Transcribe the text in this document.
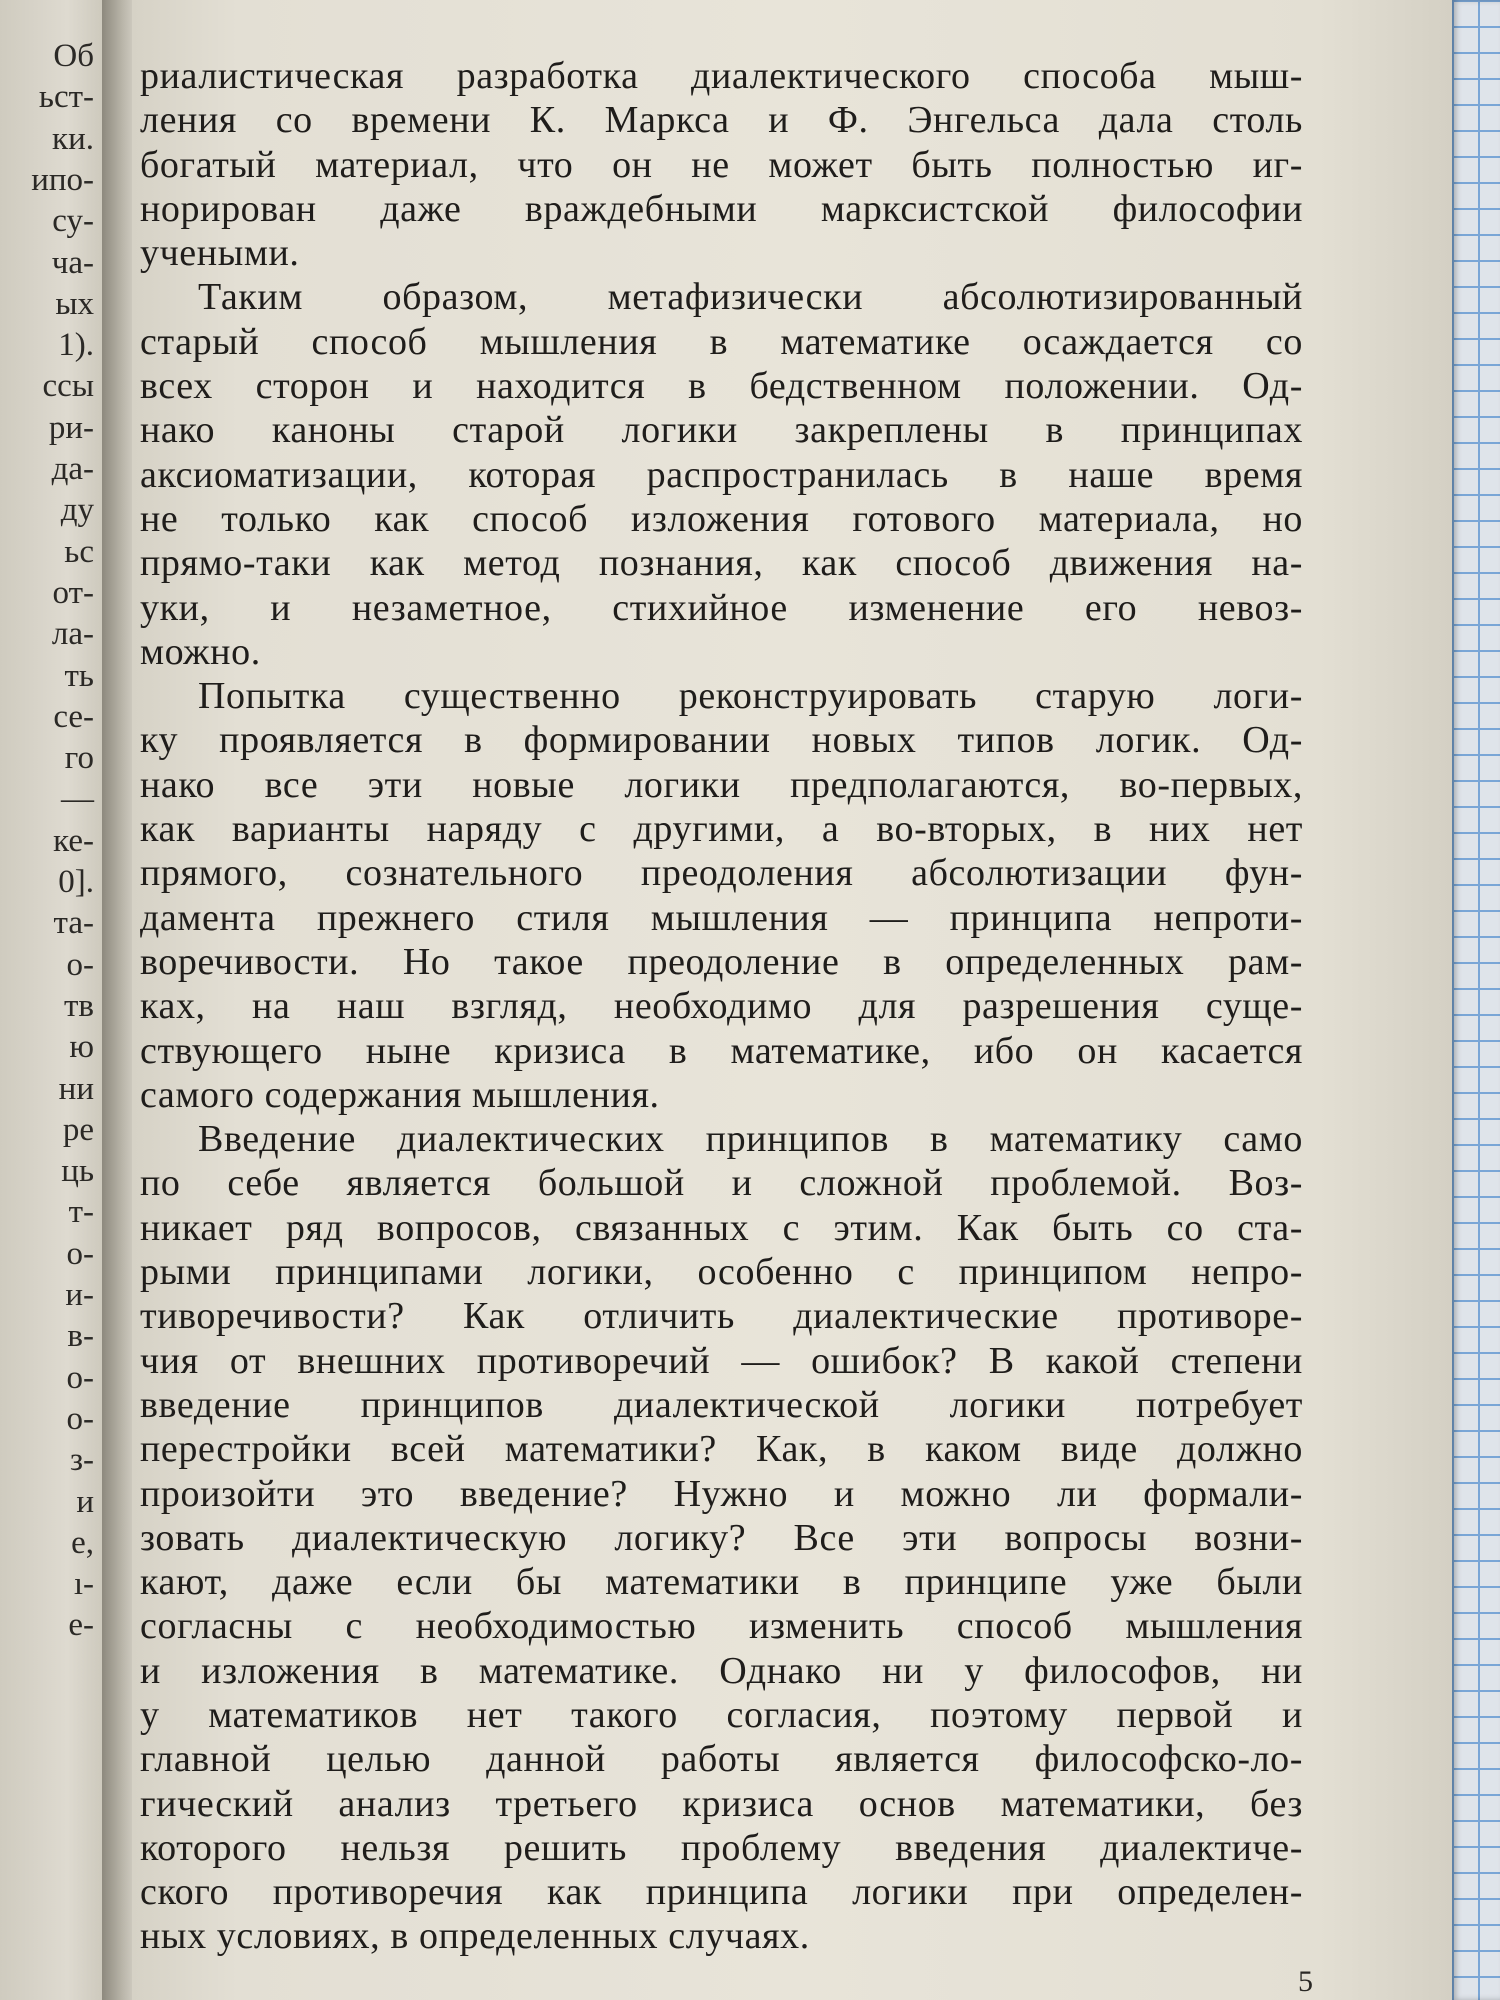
Об
ьст-
ки.
ипо-
су-
ча-
ых
1).
ссы
ри-
да-
ду
ьс
от-
ла-
ть
се-
го
—
ке-
0].
та-
о-
тв
ю
ни
ре
ць
т-
о-
и-
в-
о-
о-
з-
и
е,
ı-
е-
риалистическая разработка диалектического способа мыш-
ления со времени К. Маркса и Ф. Энгельса дала столь
богатый материал, что он не может быть полностью иг-
норирован даже враждебными марксистской философии
учеными.
Таким образом, метафизически абсолютизированный
старый способ мышления в математике осаждается со
всех сторон и находится в бедственном положении. Од-
нако каноны старой логики закреплены в принципах
аксиоматизации, которая распространилась в наше время
не только как способ изложения готового материала, но
прямо-таки как метод познания, как способ движения на-
уки, и незаметное, стихийное изменение его невоз-
можно.
Попытка существенно реконструировать старую логи-
ку проявляется в формировании новых типов логик. Од-
нако все эти новые логики предполагаются, во-первых,
как варианты наряду с другими, а во-вторых, в них нет
прямого, сознательного преодоления абсолютизации фун-
дамента прежнего стиля мышления — принципа непроти-
воречивости. Но такое преодоление в определенных рам-
ках, на наш взгляд, необходимо для разрешения суще-
ствующего ныне кризиса в математике, ибо он касается
самого содержания мышления.
Введение диалектических принципов в математику само
по себе является большой и сложной проблемой. Воз-
никает ряд вопросов, связанных с этим. Как быть со ста-
рыми принципами логики, особенно с принципом непро-
тиворечивости? Как отличить диалектические противоре-
чия от внешних противоречий — ошибок? В какой степени
введение принципов диалектической логики потребует
перестройки всей математики? Как, в каком виде должно
произойти это введение? Нужно и можно ли формали-
зовать диалектическую логику? Все эти вопросы возни-
кают, даже если бы математики в принципе уже были
согласны с необходимостью изменить способ мышления
и изложения в математике. Однако ни у философов, ни
у математиков нет такого согласия, поэтому первой и
главной целью данной работы является философско-ло-
гический анализ третьего кризиса основ математики, без
которого нельзя решить проблему введения диалектиче-
ского противоречия как принципа логики при определен-
ных условиях, в определенных случаях.
5
